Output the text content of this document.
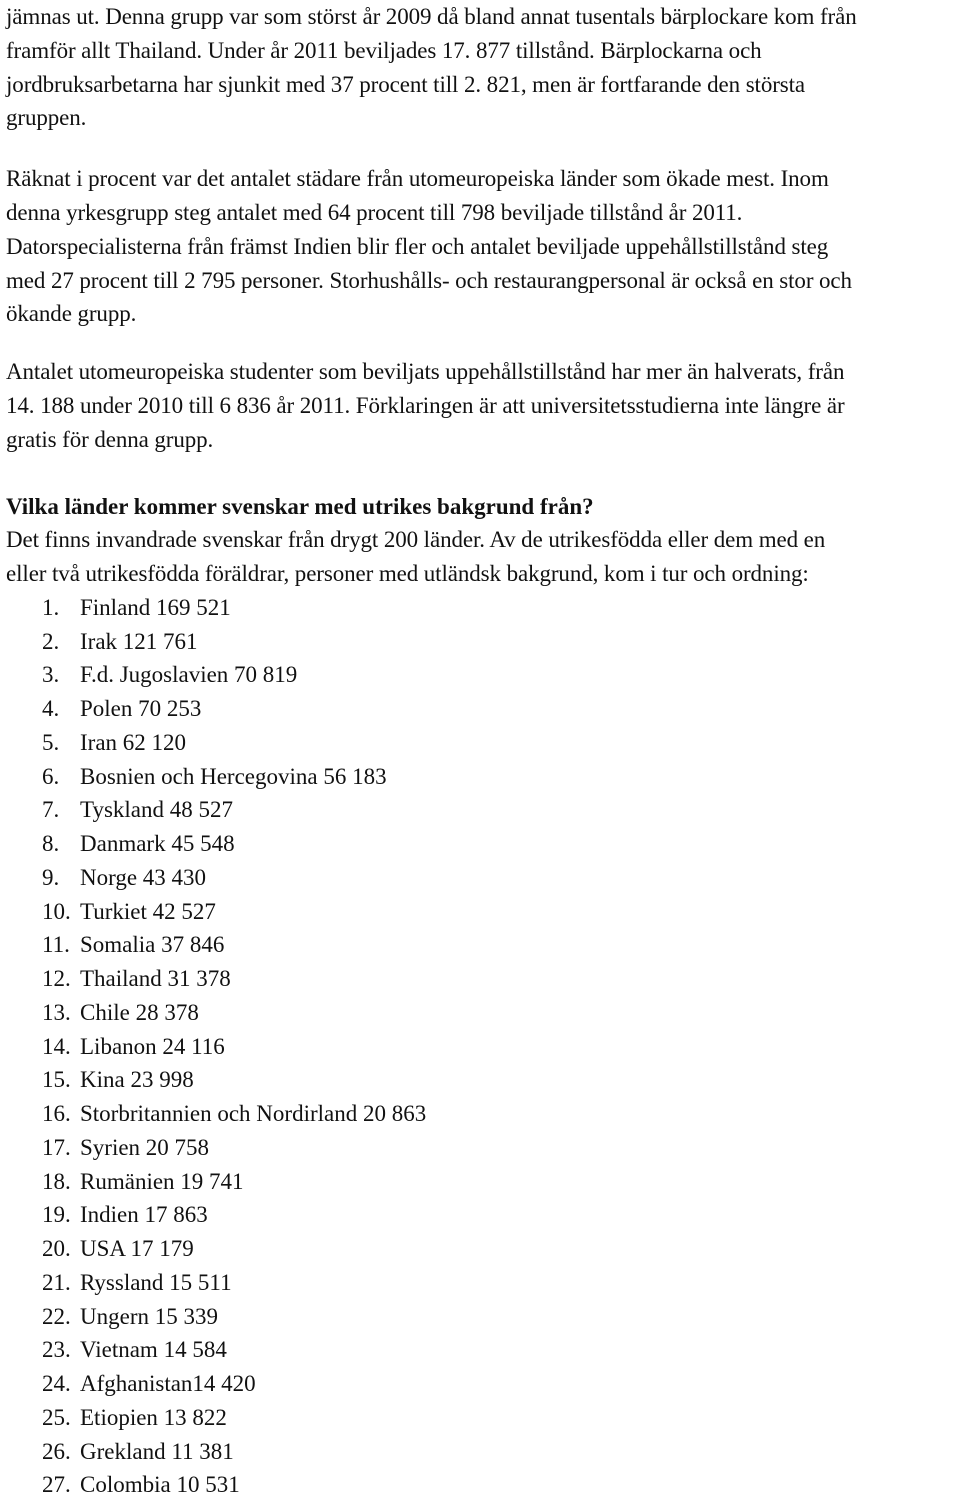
jämnas ut. Denna grupp var som störst år 2009 då bland annat tusentals bärplockare kom från
framför allt Thailand. Under år 2011 beviljades 17. 877 tillstånd. Bärplockarna och
jordbruksarbetarna har sjunkit med 37 procent till 2. 821, men är fortfarande den största
gruppen.

Räknat i procent var det antalet städare från utomeuropeiska länder som ökade mest. Inom
denna yrkesgrupp steg antalet med 64 procent till 798 beviljade tillstånd år 2011.
Datorspecialisterna från främst Indien blir fler och antalet beviljade uppehållstillstånd steg
med 27 procent till 2 795 personer. Storhushålls- och restaurangpersonal är också en stor och
ökande grupp.

Antalet utomeuropeiska studenter som beviljats uppehållstillstånd har mer än halverats, från
14. 188 under 2010 till 6 836 år 2011. Förklaringen är att universitetsstudierna inte längre är
gratis för denna grupp.

Vilka länder kommer svenskar med utrikes bakgrund från?

Det finns invandrade svenskar från drygt 200 länder. Av de utrikesfödda eller dem med en
eller två utrikesfödda föräldrar, personer med utländsk bakgrund, kom i tur och ordning:

1. Finland 169 521
2. Irak 121 761
3. F.d. Jugoslavien 70 819
4. Polen 70 253
5. Iran 62 120
6. Bosnien och Hercegovina 56 183
7. Tyskland 48 527
8. Danmark 45 548
9. Norge 43 430
10. Turkiet 42 527
11. Somalia 37 846
12. Thailand 31 378
13. Chile 28 378
14. Libanon 24 116
15. Kina 23 998
16. Storbritannien och Nordirland 20 863
17. Syrien 20 758
18. Rumänien 19 741
19. Indien 17 863
20. USA 17 179
21. Ryssland 15 511
22. Ungern 15 339
23. Vietnam 14 584
24. Afghanistan14 420
25. Etiopien 13 822
26. Grekland 11 381
27. Colombia 10 531
